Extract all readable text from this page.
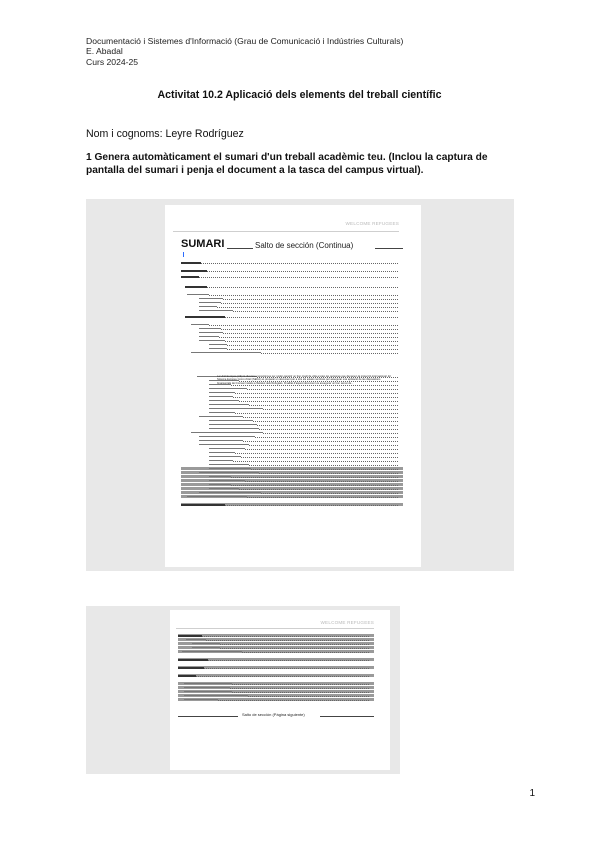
Documentació i Sistemes d'Informació (Grau de Comunicació i Indústries Culturals)
E. Abadal
Curs 2024-25
Activitat 10.2 Aplicació dels elements del treball científic
Nom i cognoms: Leyre Rodríguez
1 Genera automàticament el sumari d'un treball acadèmic teu. (Inclou la captura de pantalla del sumari i penja el document a la tasca del campus virtual).
WELCOME REFUGEES
SUMARI	Salto de sección (Continua)
La Unió Europea (UE) té diversos mecanismes per poder garantir un bon nivell de vida a totes les persones que demanen la protecció internacional. El Sistema Europeu Comú d'Asil (SECA) es preparar un document per a tots els estats membres per assegurar una aplicació de les disposicions fonamentals del Conveni relatiu a l'Estatut dels Refugiats. Finalitat d'aquest document és assegurar un bon servei de...
WELCOME REFUGEES
Salto de sección (Página siguiente)
1
